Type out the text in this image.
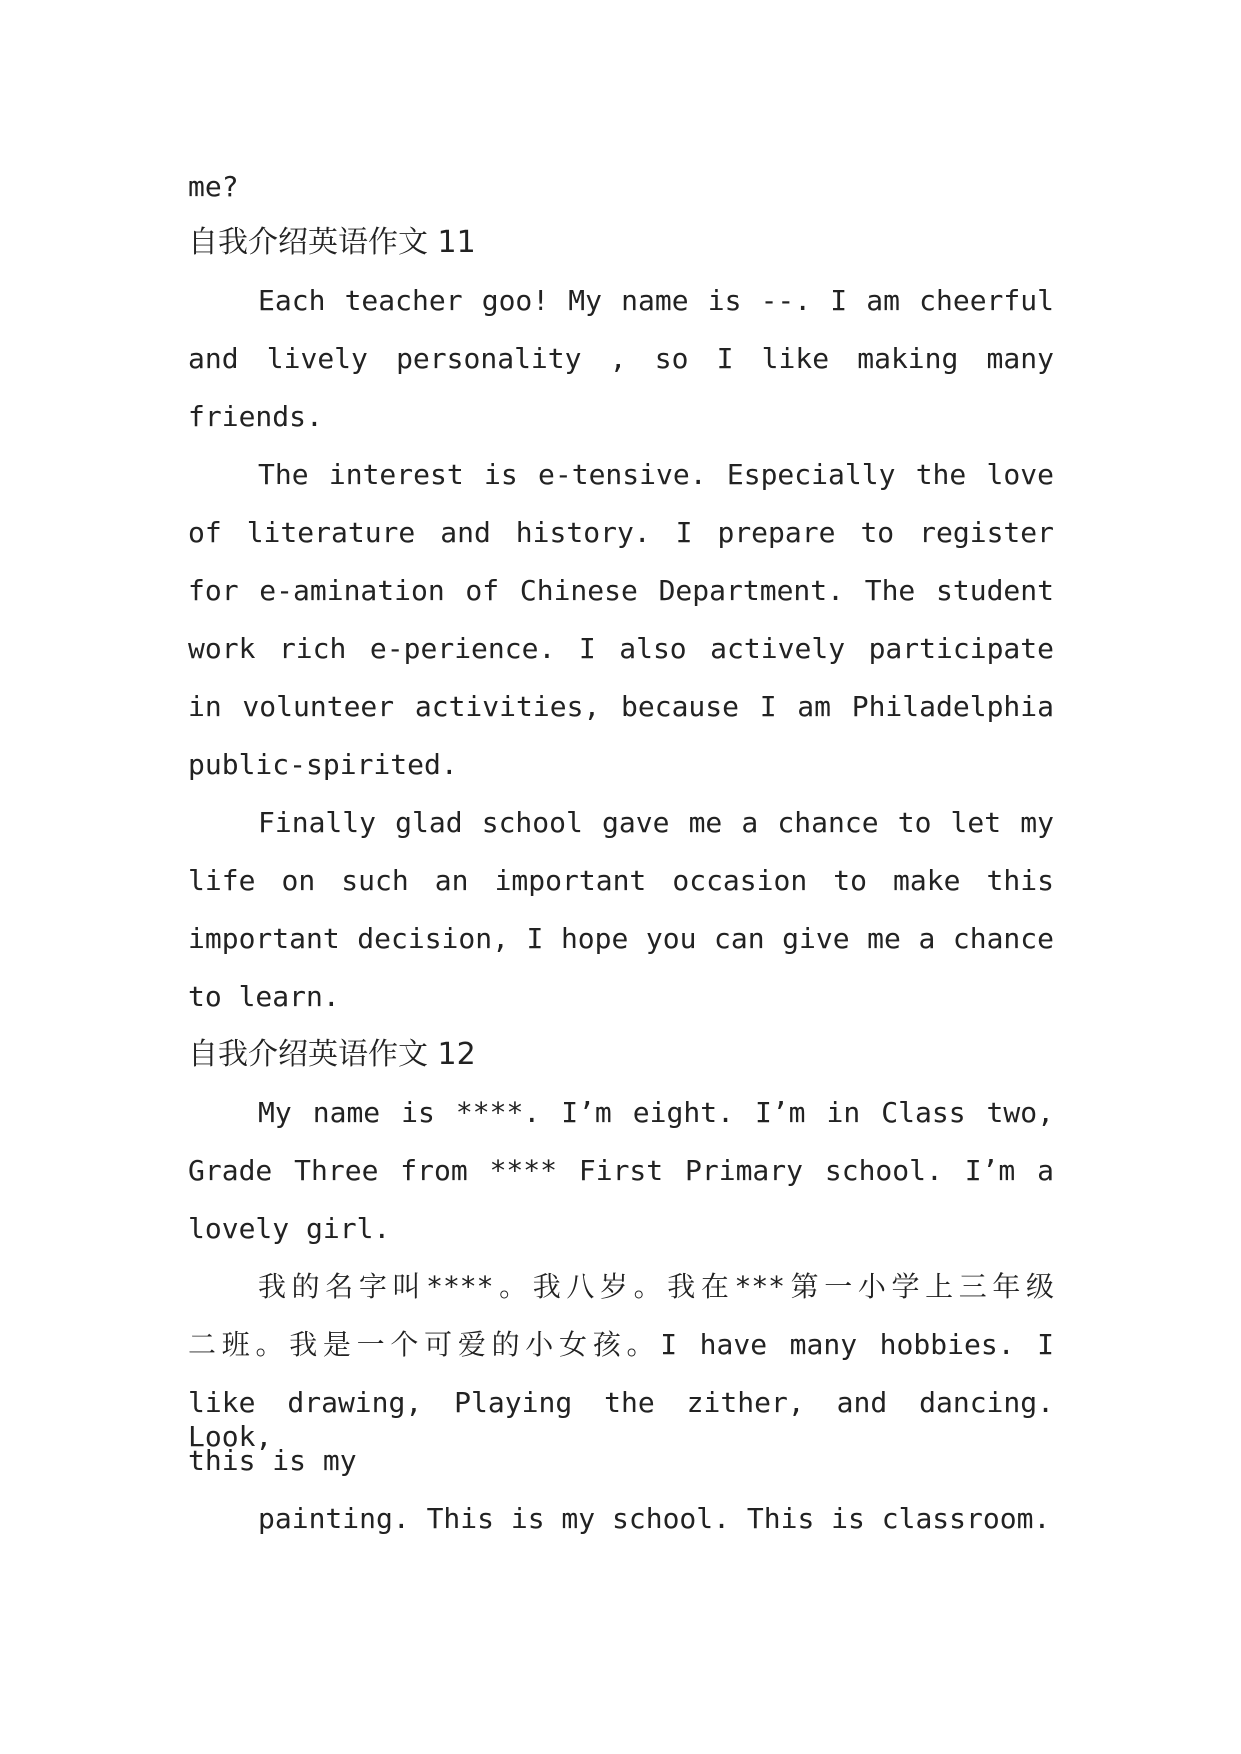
me?
自我介绍英语作文 11
Each teacher goo! My name is --. I am cheerful
and lively personality , so I like making many
friends.
The interest is e-tensive. Especially the love
of literature and history. I prepare to register
for e-amination of Chinese Department. The student
work rich e-perience. I also actively participate
in volunteer activities, because I am Philadelphia
public-spirited.
Finally glad school gave me a chance to let my
life on such an important occasion to make this
important decision, I hope you can give me a chance
to learn.
自我介绍英语作文 12
My name is ****. I’m eight. I’m in Class two,
Grade Three from **** First Primary school. I’m a
lovely girl.
我的名字叫****。我八岁。我在***第一小学上三年级
二班。我是一个可爱的小女孩。I have many hobbies. I
like drawing, Playing the zither, and dancing. Look,
this is my
painting. This is my school. This is classroom.
